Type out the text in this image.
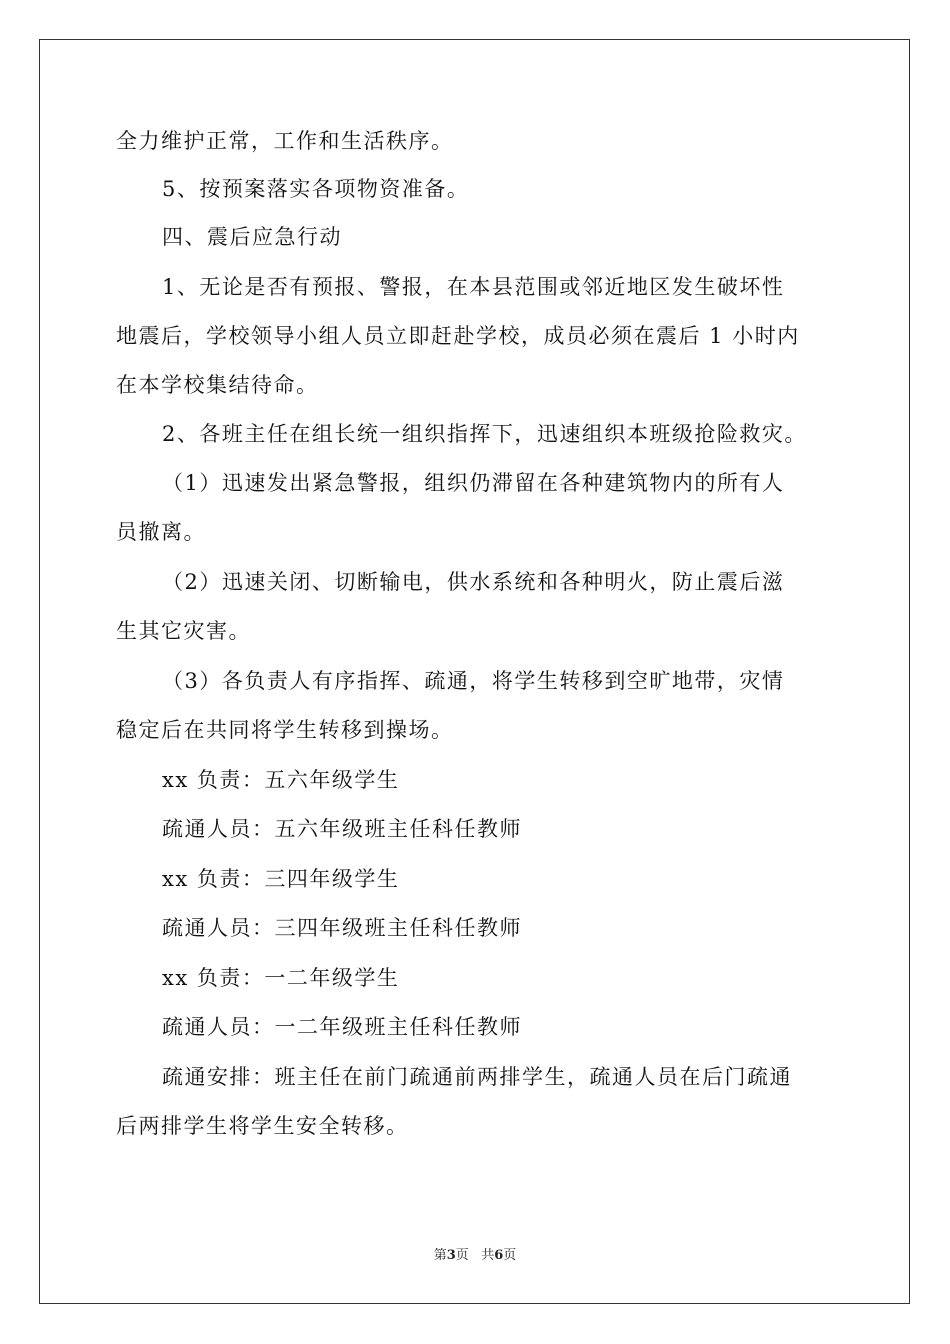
全力维护正常，工作和生活秩序。
5、按预案落实各项物资准备。
四、震后应急行动
1、无论是否有预报、警报，在本县范围或邻近地区发生破坏性
地震后，学校领导小组人员立即赶赴学校，成员必须在震后 1 小时内
在本学校集结待命。
2、各班主任在组长统一组织指挥下，迅速组织本班级抢险救灾。
（1）迅速发出紧急警报，组织仍滞留在各种建筑物内的所有人
员撤离。
（2）迅速关闭、切断输电，供水系统和各种明火，防止震后滋
生其它灾害。
（3）各负责人有序指挥、疏通，将学生转移到空旷地带，灾情
稳定后在共同将学生转移到操场。
xx 负责：五六年级学生
疏通人员：五六年级班主任科任教师
xx 负责：三四年级学生
疏通人员：三四年级班主任科任教师
xx 负责：一二年级学生
疏通人员：一二年级班主任科任教师
疏通安排：班主任在前门疏通前两排学生，疏通人员在后门疏通
后两排学生将学生安全转移。
第3页 共6页
